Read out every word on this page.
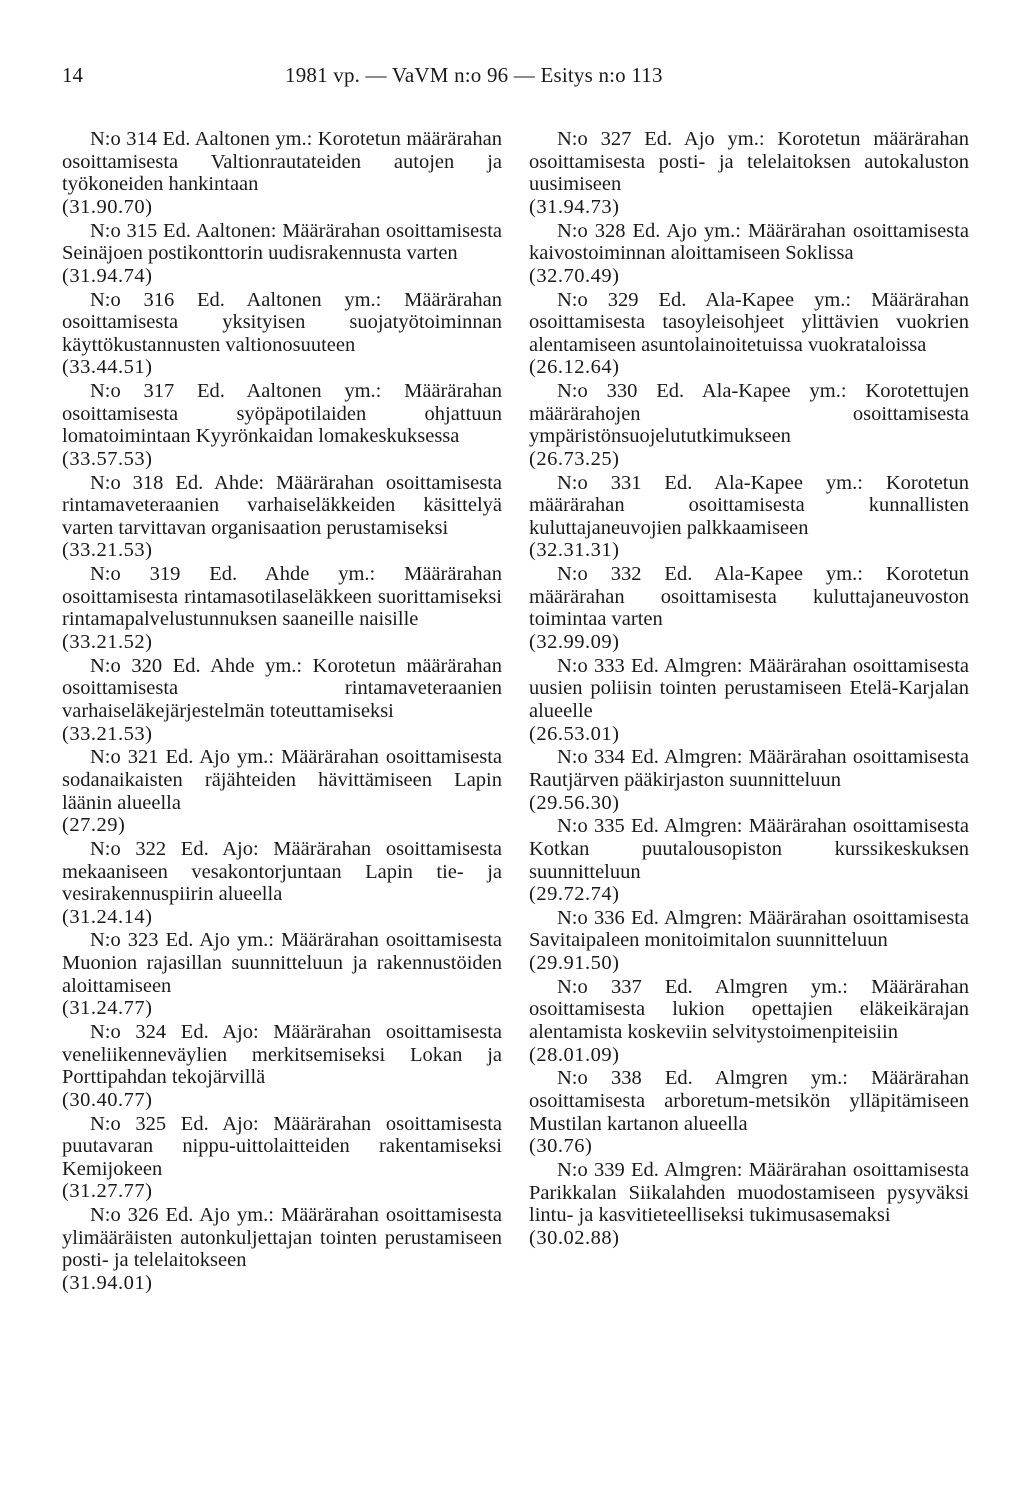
14	1981 vp. — VaVM n:o 96 — Esitys n:o 113
N:o 314 Ed. Aaltonen ym.: Korotetun määrärahan osoittamisesta Valtionrautateiden autojen ja työkoneiden hankintaan
(31.90.70)
N:o 315 Ed. Aaltonen: Määrärahan osoittamisesta Seinäjoen postikonttorin uudisrakennusta varten
(31.94.74)
N:o 316 Ed. Aaltonen ym.: Määrärahan osoittamisesta yksityisen suojatyötoiminnan käyttökustannusten valtionosuuteen
(33.44.51)
N:o 317 Ed. Aaltonen ym.: Määrärahan osoittamisesta syöpäpotilaiden ohjattuun lomatoimintaan Kyyrönkaidan lomakeskuksessa
(33.57.53)
N:o 318 Ed. Ahde: Määrärahan osoittamisesta rintamaveteraanien varhaiseläkkeiden käsittelyä varten tarvittavan organisaation perustamiseksi
(33.21.53)
N:o 319 Ed. Ahde ym.: Määrärahan osoittamisesta rintamasotilaseläkkeen suorittamiseksi rintamapalvelustunnuksen saaneille naisille
(33.21.52)
N:o 320 Ed. Ahde ym.: Korotetun määrärahan osoittamisesta rintamaveteraanien varhaiseläkejärjestelmän toteuttamiseksi
(33.21.53)
N:o 321 Ed. Ajo ym.: Määrärahan osoittamisesta sodanaikaisten räjähteiden hävittämiseen Lapin läänin alueella
(27.29)
N:o 322 Ed. Ajo: Määrärahan osoittamisesta mekaaniseen vesakontorjuntaan Lapin tie- ja vesirakennuspiirin alueella
(31.24.14)
N:o 323 Ed. Ajo ym.: Määrärahan osoittamisesta Muonion rajasillan suunnitteluun ja rakennustöiden aloittamiseen
(31.24.77)
N:o 324 Ed. Ajo: Määrärahan osoittamisesta veneliikenneväylien merkitsemiseksi Lokan ja Porttipahdan tekojärvillä
(30.40.77)
N:o 325 Ed. Ajo: Määrärahan osoittamisesta puutavaran nippu-uittolaitteiden rakentamiseksi Kemijokeen
(31.27.77)
N:o 326 Ed. Ajo ym.: Määrärahan osoittamisesta ylimääräisten autonkuljettajan tointen perustamiseen posti- ja telelaitokseen
(31.94.01)
N:o 327 Ed. Ajo ym.: Korotetun määrärahan osoittamisesta posti- ja telelaitoksen autokaluston uusimiseen
(31.94.73)
N:o 328 Ed. Ajo ym.: Määrärahan osoittamisesta kaivostoiminnan aloittamiseen Soklissa
(32.70.49)
N:o 329 Ed. Ala-Kapee ym.: Määrärahan osoittamisesta tasoyleisohjeet ylittävien vuokrien alentamiseen asuntolainoitetuissa vuokrataloissa
(26.12.64)
N:o 330 Ed. Ala-Kapee ym.: Korotettujen määrärahojen osoittamisesta ympäristönsuojelututkimukseen
(26.73.25)
N:o 331 Ed. Ala-Kapee ym.: Korotetun määrärahan osoittamisesta kunnallisten kuluttajaneuvojien palkkaamiseen
(32.31.31)
N:o 332 Ed. Ala-Kapee ym.: Korotetun määrärahan osoittamisesta kuluttajaneuvoston toimintaa varten
(32.99.09)
N:o 333 Ed. Almgren: Määrärahan osoittamisesta uusien poliisin tointen perustamiseen Etelä-Karjalan alueelle
(26.53.01)
N:o 334 Ed. Almgren: Määrärahan osoittamisesta Rautjärven pääkirjaston suunnitteluun
(29.56.30)
N:o 335 Ed. Almgren: Määrärahan osoittamisesta Kotkan puutalousopiston kurssikeskuksen suunnitteluun
(29.72.74)
N:o 336 Ed. Almgren: Määrärahan osoittamisesta Savitaipaleen monitoimitalon suunnitteluun
(29.91.50)
N:o 337 Ed. Almgren ym.: Määrärahan osoittamisesta lukion opettajien eläkeikärajan alentamista koskeviin selvitystoimenpiteisiin
(28.01.09)
N:o 338 Ed. Almgren ym.: Määrärahan osoittamisesta arboretum-metsikön ylläpitämiseen Mustilan kartanon alueella
(30.76)
N:o 339 Ed. Almgren: Määrärahan osoittamisesta Parikkalan Siikalahden muodostamiseen pysyväksi lintu- ja kasvitieteelliseksi tukimusasemaksi
(30.02.88)
